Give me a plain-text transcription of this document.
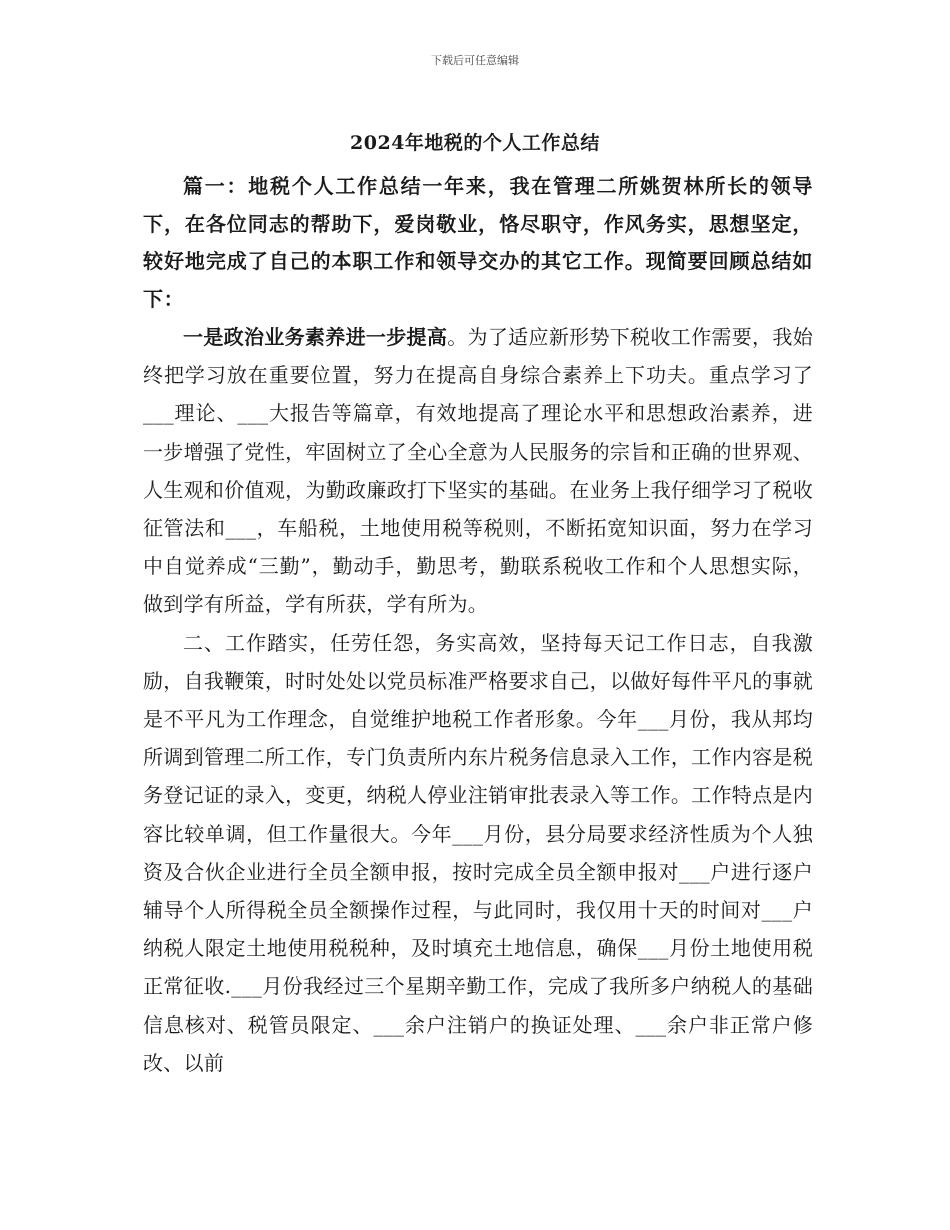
下载后可任意编辑
2024年地税的个人工作总结

篇一：地税个人工作总结一年来，我在管理二所姚贺林所长的领导下，在各位同志的帮助下，爱岗敬业，恪尽职守，作风务实，思想坚定，较好地完成了自己的本职工作和领导交办的其它工作。现简要回顾总结如下：

一是政治业务素养进一步提高。为了适应新形势下税收工作需要，我始终把学习放在重要位置，努力在提高自身综合素养上下功夫。重点学习了___理论、___大报告等篇章，有效地提高了理论水平和思想政治素养，进一步增强了党性，牢固树立了全心全意为人民服务的宗旨和正确的世界观、人生观和价值观，为勤政廉政打下坚实的基础。在业务上我仔细学习了税收征管法和___，车船税，土地使用税等税则，不断拓宽知识面，努力在学习中自觉养成“三勤”，勤动手，勤思考，勤联系税收工作和个人思想实际，做到学有所益，学有所获，学有所为。

二、工作踏实，任劳任怨，务实高效，坚持每天记工作日志，自我激励，自我鞭策，时时处处以党员标准严格要求自己，以做好每件平凡的事就是不平凡为工作理念，自觉维护地税工作者形象。今年___月份，我从邦均所调到管理二所工作，专门负责所内东片税务信息录入工作，工作内容是税务登记证的录入，变更，纳税人停业注销审批表录入等工作。工作特点是内容比较单调，但工作量很大。今年___月份，县分局要求经济性质为个人独资及合伙企业进行全员全额申报，按时完成全员全额申报对___户进行逐户辅导个人所得税全员全额操作过程，与此同时，我仅用十天的时间对___户纳税人限定土地使用税税种，及时填充土地信息，确保___月份土地使用税正常征收.___月份我经过三个星期辛勤工作，完成了我所多户纳税人的基础信息核对、税管员限定、___余户注销户的换证处理、___余户非正常户修改、以前
